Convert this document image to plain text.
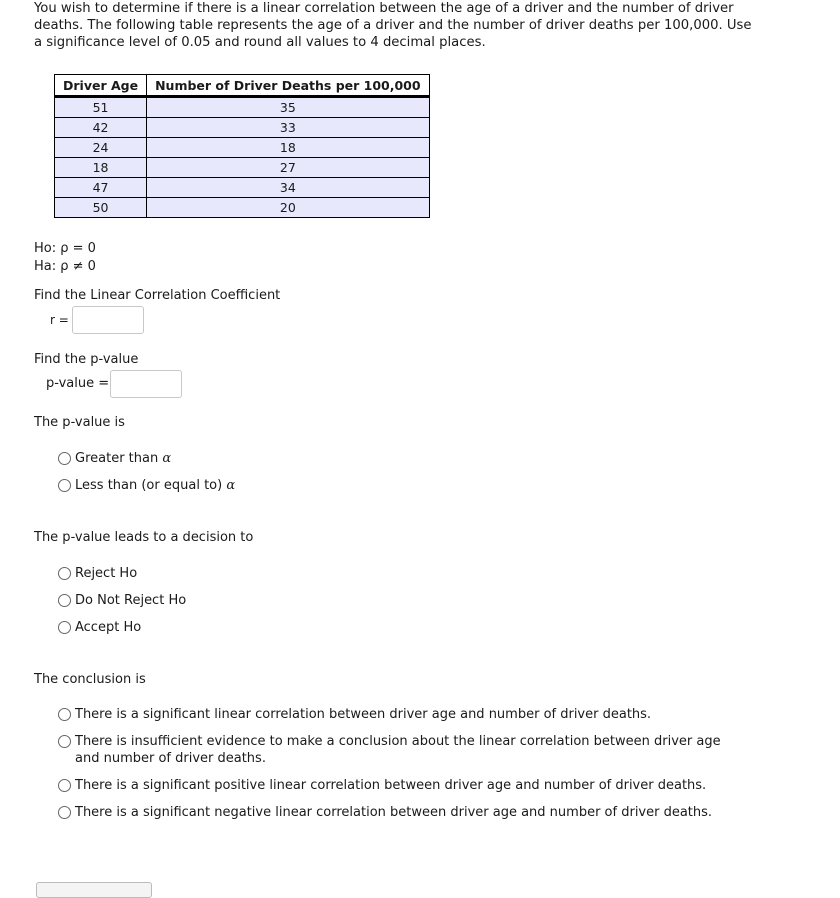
You wish to determine if there is a linear correlation between the age of a driver and the number of driver deaths. The following table represents the age of a driver and the number of driver deaths per 100,000. Use a significance level of 0.05 and round all values to 4 decimal places.
Driver Age	Number of Driver Deaths per 100,000
51	35
42	33
24	18
18	27
47	34
50	20
Ho: ρ = 0
Ha: ρ ≠ 0
Find the Linear Correlation Coefficient
r =
Find the p-value
p-value =
The p-value is
Greater than α
Less than (or equal to) α
The p-value leads to a decision to
Reject Ho
Do Not Reject Ho
Accept Ho
The conclusion is
There is a significant linear correlation between driver age and number of driver deaths.
There is insufficient evidence to make a conclusion about the linear correlation between driver age and number of driver deaths.
There is a significant positive linear correlation between driver age and number of driver deaths.
There is a significant negative linear correlation between driver age and number of driver deaths.
